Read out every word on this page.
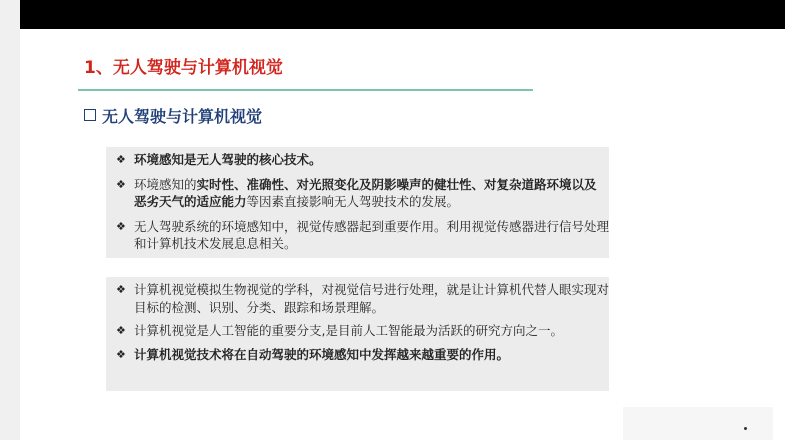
1、无人驾驶与计算机视觉
无人驾驶与计算机视觉
❖ 环境感知是无人驾驶的核心技术。
❖ 环境感知的实时性、准确性、对光照变化及阴影噪声的健壮性、对复杂道路环境以及恶劣天气的适应能力等因素直接影响无人驾驶技术的发展。
❖ 无人驾驶系统的环境感知中，视觉传感器起到重要作用。利用视觉传感器进行信号处理和计算机技术发展息息相关。
❖ 计算机视觉模拟生物视觉的学科，对视觉信号进行处理，就是让计算机代替人眼实现对目标的检测、识别、分类、跟踪和场景理解。
❖ 计算机视觉是人工智能的重要分支,是目前人工智能最为活跃的研究方向之一。
❖ 计算机视觉技术将在自动驾驶的环境感知中发挥越来越重要的作用。
